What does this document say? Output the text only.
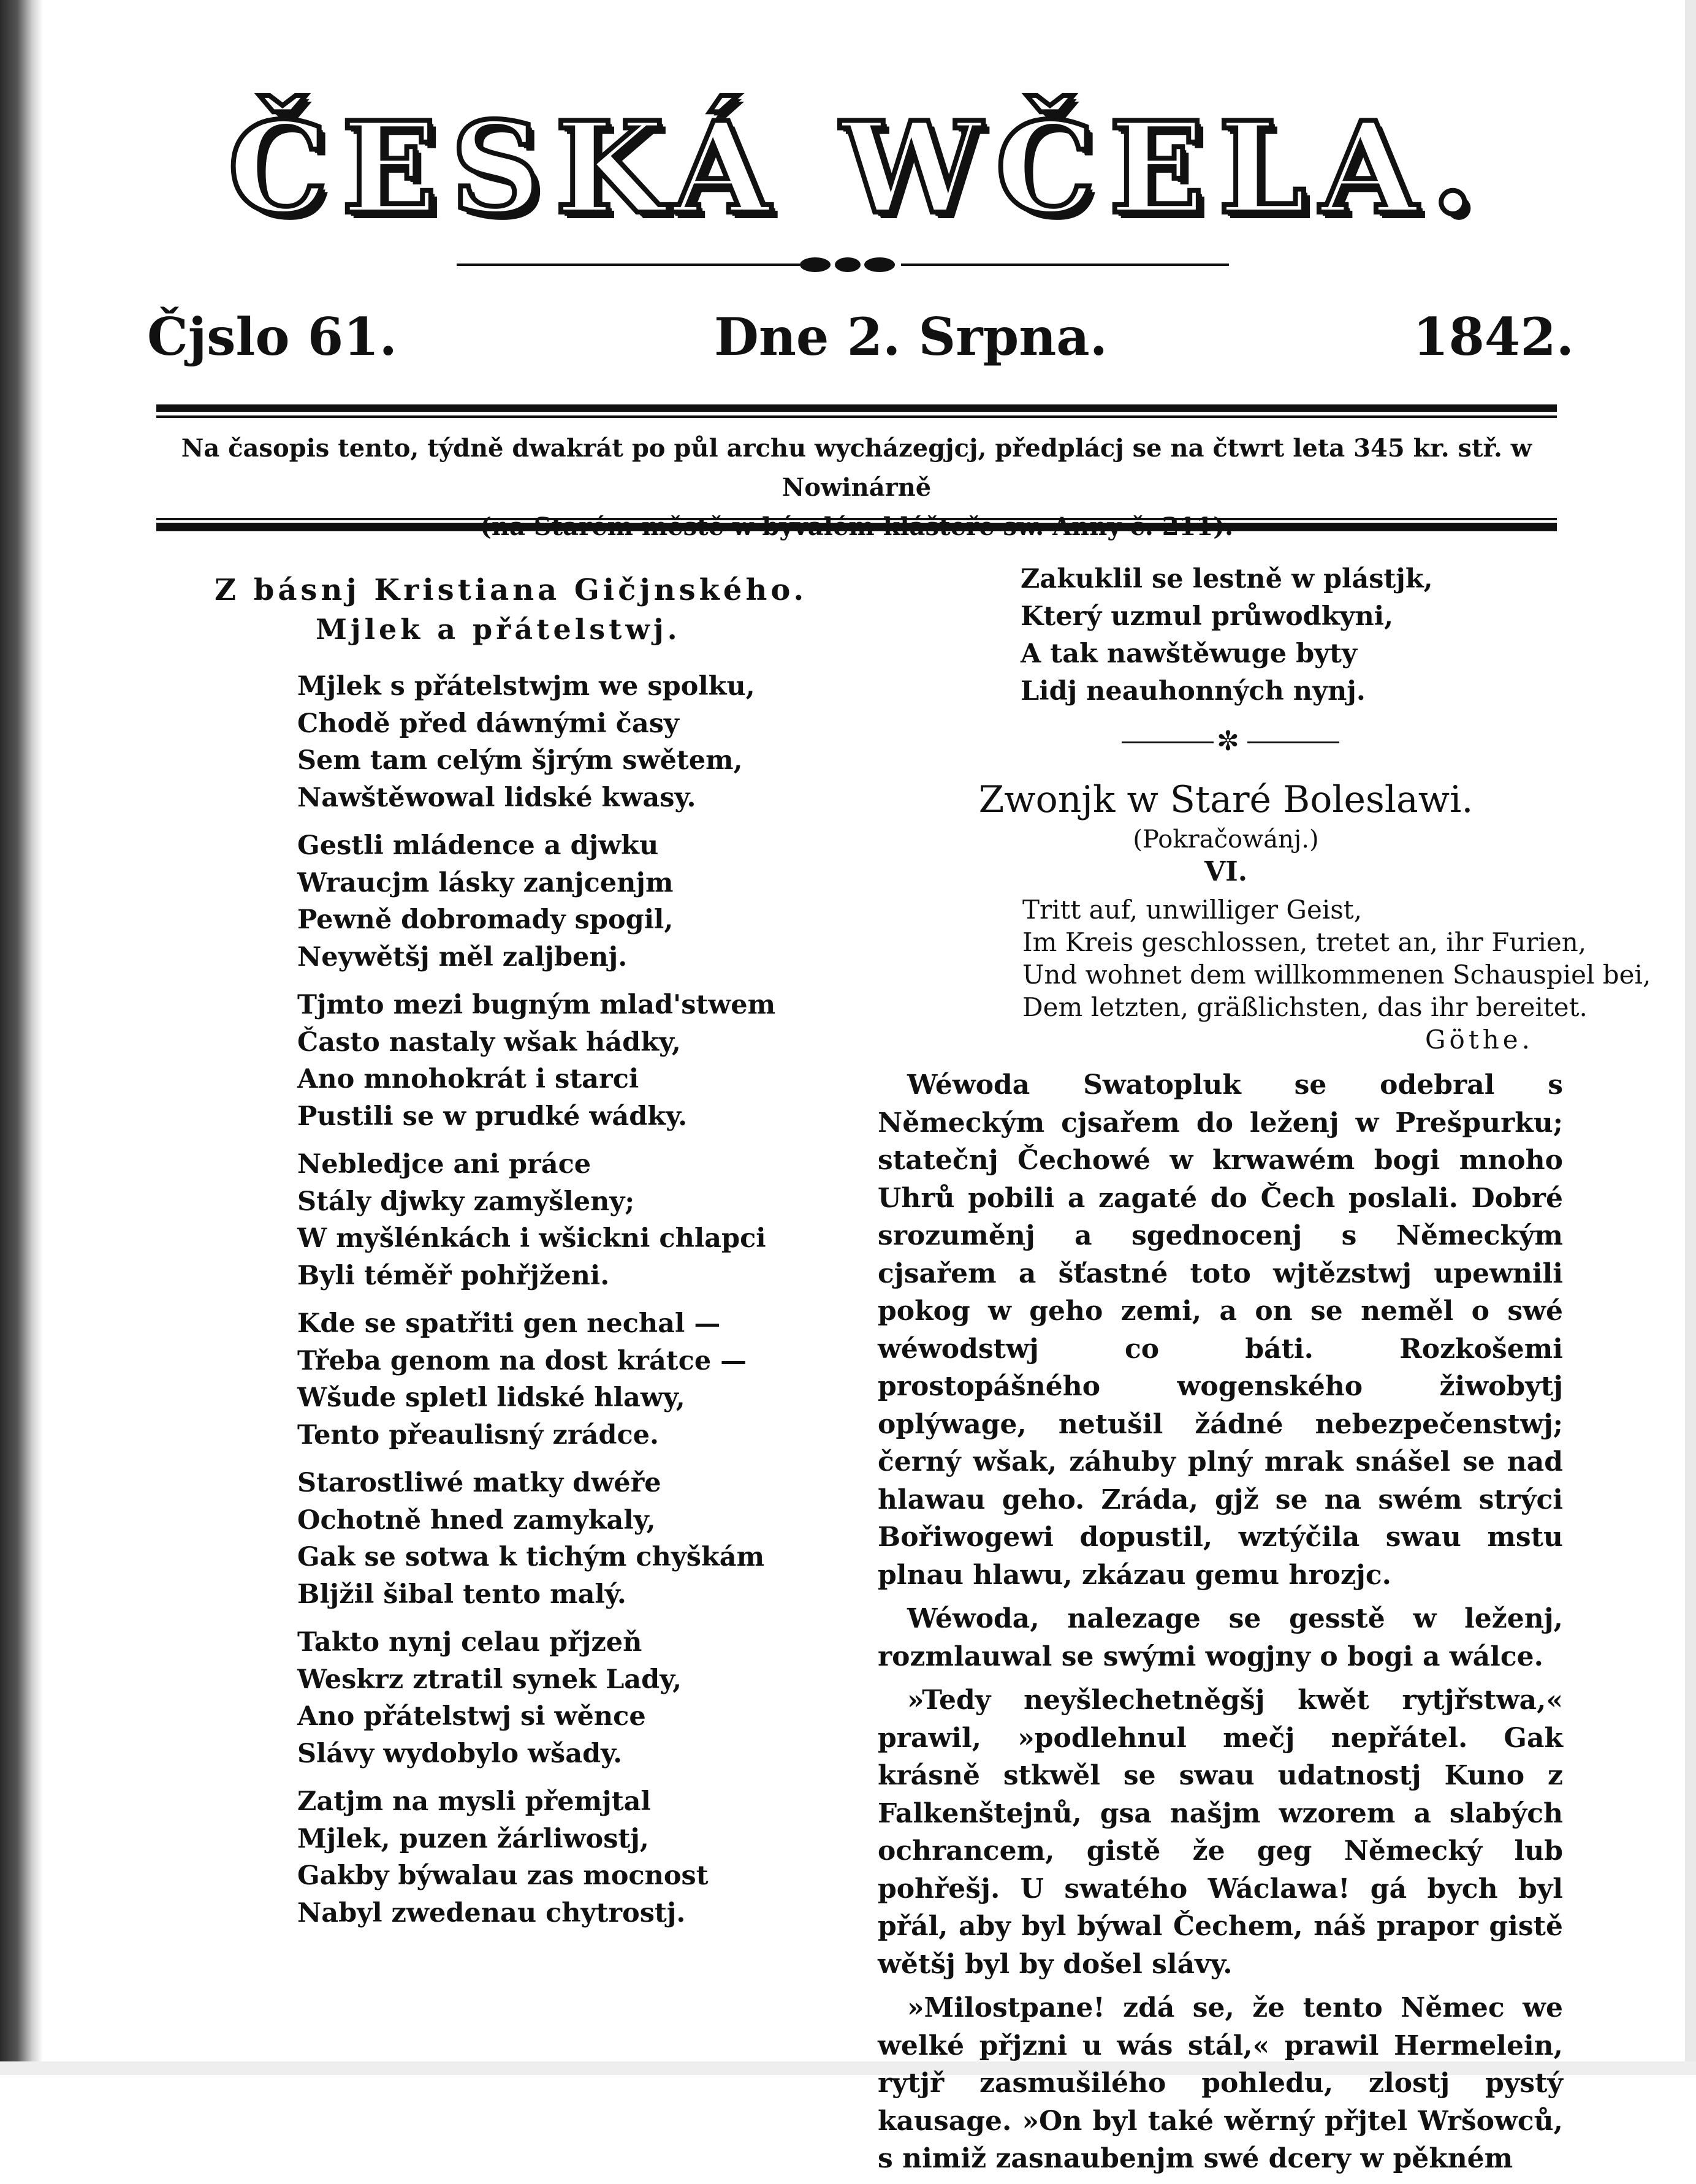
ČESKÁ WČELA.
Čjslo 61.	Dne 2. Srpna.	1842.
Na časopis tento, týdně dwakrát po půl archu wycházegjcj, předplácj se na čtwrt leta 345 kr. stř. w Nowinárně
Z básnj Kristiana Gičjnského.
Mjlek a přátelstwj.
Mjlek s přátelstwjm we spolku,
Chodě před dáwnými časy
Sem tam celým šjrým swětem,
Nawštěwowal lidské kwasy.
Gestli mládence a djwku
Wraucjm lásky zanjcenjm
Pewně dobromady spogil,
Neywětšj měl zaljbenj.
Tjmto mezi bugným mlad'stwem
Často nastaly wšak hádky,
Ano mnohokrát i starci
Pustili se w prudké wádky.
Nebledjce ani práce
Stály djwky zamyšleny;
W myšlénkách i wšickni chlapci
Byli téměř pohřjženi.
Kde se spatřiti gen nechal —
Třeba genom na dost krátce —
Wšude spletl lidské hlawy,
Tento přeaulisný zrádce.
Starostliwé matky dwéře
Ochotně hned zamykaly,
Gak se sotwa k tichým chyškám
Bljžil šibal tento malý.
Takto nynj celau přjzeň
Weskrz ztratil synek Lady,
Ano přátelstwj si wěnce
Slávy wydobylo wšady.
Zatjm na mysli přemjtal
Mjlek, puzen žárliwostj,
Gakby býwalau zas mocnost
Nabyl zwedenau chytrostj.
Zakuklil se lestně w plástjk,
Který uzmul průwodkyni,
A tak nawštěwuge byty
Lidj neauhonných nynj.
✼
Zwonjk w Staré Boleslawi.
(Pokračowánj.)
VI.
Tritt auf, unwilliger Geist,
Im Kreis geschlossen, tretet an, ihr Furien,
Und wohnet dem willkommenen Schauspiel bei,
Dem letzten, gräßlichsten, das ihr bereitet.
Göthe.

Wéwoda Swatopluk se odebral s Německým cjsařem do leženj w Prešpurku; statečnj Čechowé w krwawém bogi mnoho Uhrů pobili a zagaté do Čech poslali. Dobré srozuměnj a sgednocenj s Německým cjsařem a šťastné toto wjtězstwj upewnili pokog w geho zemi, a on se neměl o swé wéwodstwj co báti. Rozkošemi prostopášného wogenského žiwobytj oplýwage, netušil žádné nebezpečenstwj; černý wšak, záhuby plný mrak snášel se nad hlawau geho. Zráda, gjž se na swém strýci Bořiwogewi dopustil, wztýčila swau mstu plnau hlawu, zkázau gemu hrozjc.

Wéwoda, nalezage se gesstě w leženj, rozmlauwal se swými wogjny o bogi a wálce.

»Tedy neyšlechetněgšj kwět rytjřstwa,« prawil, »podlehnul mečj nepřátel. Gak krásně stkwěl se swau udatnostj Kuno z Falkenštejnů, gsa našjm wzorem a slabých ochrancem, gistě že geg Německý lub pohřešj. U swatého Wáclawa! gá bych byl přál, aby byl býwal Čechem, náš prapor gistě wětšj byl by došel slávy.

»Milostpane! zdá se, že tento Němec we welké přjzni u wás stál,« prawil Hermelein, rytjř zasmušilého pohledu, zlostj pystý kausage. »On byl také wěrný přjtel Wršowců, s nimiž zasnaubenjm swé dcery w pěkném
